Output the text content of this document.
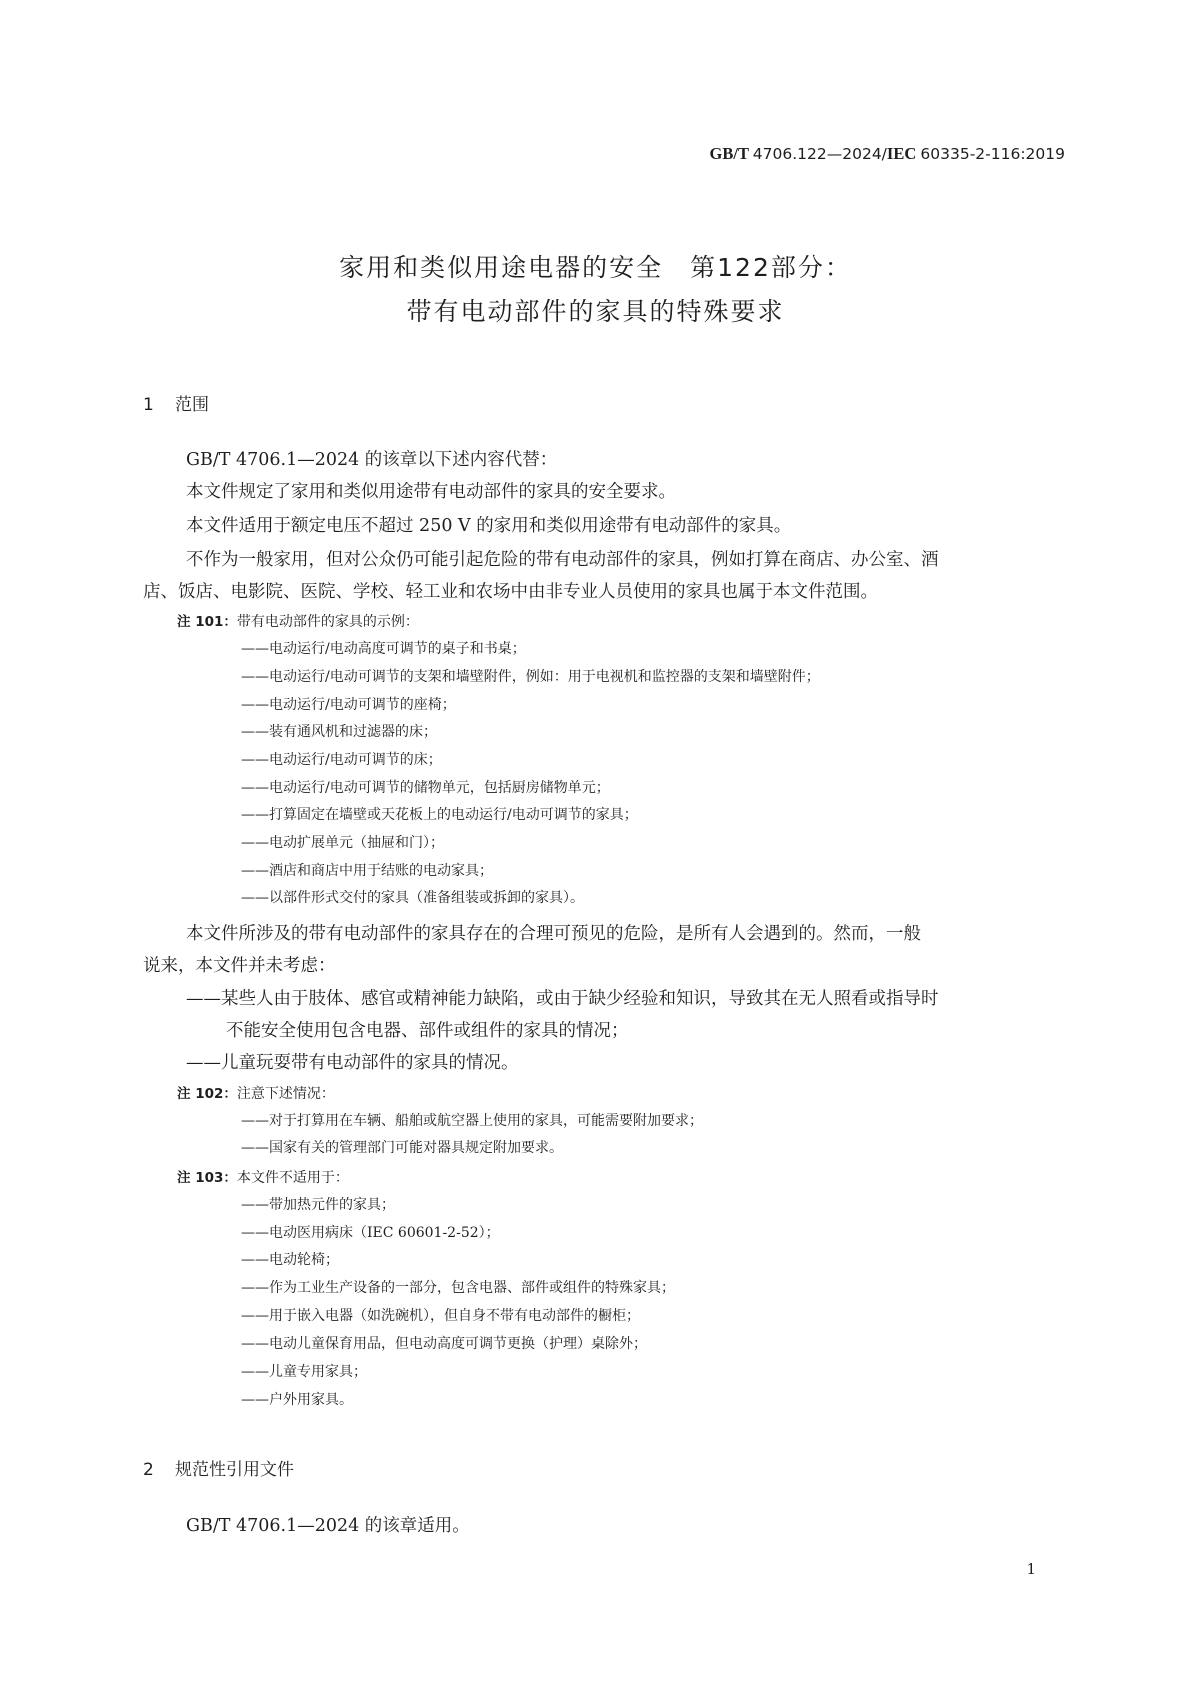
GB/T 4706.122—2024/IEC 60335-2-116:2019
家用和类似用途电器的安全　第122部分：
带有电动部件的家具的特殊要求
1 范围
GB/T 4706.1—2024 的该章以下述内容代替：
本文件规定了家用和类似用途带有电动部件的家具的安全要求。
本文件适用于额定电压不超过 250 V 的家用和类似用途带有电动部件的家具。
不作为一般家用，但对公众仍可能引起危险的带有电动部件的家具，例如打算在商店、办公室、酒
店、饭店、电影院、医院、学校、轻工业和农场中由非专业人员使用的家具也属于本文件范围。
注 101：带有电动部件的家具的示例：
——电动运行/电动高度可调节的桌子和书桌；
——电动运行/电动可调节的支架和墙壁附件，例如：用于电视机和监控器的支架和墙壁附件；
——电动运行/电动可调节的座椅；
——装有通风机和过滤器的床；
——电动运行/电动可调节的床；
——电动运行/电动可调节的储物单元，包括厨房储物单元；
——打算固定在墙壁或天花板上的电动运行/电动可调节的家具；
——电动扩展单元（抽屉和门）；
——酒店和商店中用于结账的电动家具；
——以部件形式交付的家具（准备组装或拆卸的家具）。
本文件所涉及的带有电动部件的家具存在的合理可预见的危险，是所有人会遇到的。然而，一般
说来，本文件并未考虑：
——某些人由于肢体、感官或精神能力缺陷，或由于缺少经验和知识，导致其在无人照看或指导时
不能安全使用包含电器、部件或组件的家具的情况；
——儿童玩耍带有电动部件的家具的情况。
注 102：注意下述情况：
——对于打算用在车辆、船舶或航空器上使用的家具，可能需要附加要求；
——国家有关的管理部门可能对器具规定附加要求。
注 103：本文件不适用于：
——带加热元件的家具；
——电动医用病床（IEC 60601-2-52）；
——电动轮椅；
——作为工业生产设备的一部分，包含电器、部件或组件的特殊家具；
——用于嵌入电器（如洗碗机），但自身不带有电动部件的橱柜；
——电动儿童保育用品，但电动高度可调节更换（护理）桌除外；
——儿童专用家具；
——户外用家具。
2 规范性引用文件
GB/T 4706.1—2024 的该章适用。
1
